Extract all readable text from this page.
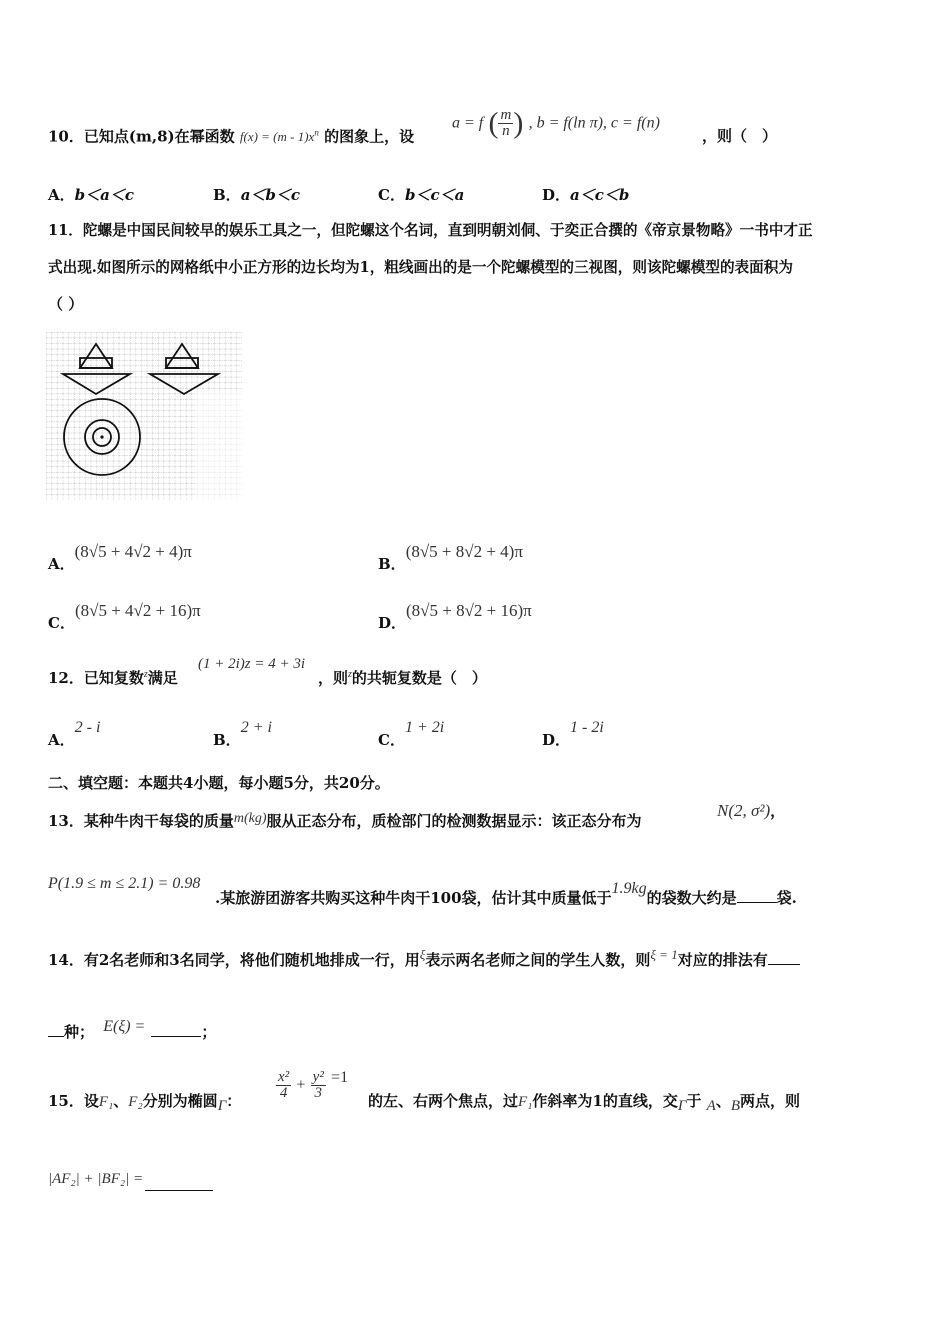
10．已知点(m,8)在幂函数 $f(x) = (m - 1)x^n$ 的图象上，设
a = f ( $\frac{m}{n}$ ) , b = f(ln π), c = f(n)
，则（　）
A．b＜a＜c	B．a＜b＜c	C．b＜c＜a	D．a＜c＜b
11．陀螺是中国民间较早的娱乐工具之一，但陀螺这个名词，直到明朝刘侗、于奕正合撰的《帝京景物略》一书中才正
式出现.如图所示的网格纸中小正方形的边长均为1，粗线画出的是一个陀螺模型的三视图，则该陀螺模型的表面积为
（ ）
A．(8√5 + 4√2 + 4)π
B．(8√5 + 8√2 + 4)π
C．(8√5 + 4√2 + 16)π
D．(8√5 + 8√2 + 16)π
12．已知复数$^z$满足
(1 + 2i)z = 4 + 3i
，则$^z$的共轭复数是（　）
A．2 - i
B．2 + i
C．1 + 2i
D．1 - 2i
二、填空题：本题共4小题，每小题5分，共20分。
13．某种牛肉干每袋的质量m(kg)服从正态分布，质检部门的检测数据显示：该正态分布为
N(2, σ²)，
P(1.9 ≤ m ≤ 2.1) = 0.98
.某旅游团游客共购买这种牛肉干100袋，估计其中质量低于1.9kg的袋数大约是	袋.
14．有2名老师和3名同学，将他们随机地排成一行，用$^\xi$表示两名老师之间的学生人数，则$^{\xi = 1}$对应的排法有
种； E(ξ) =	；
15．设F₁、F₂分别为椭圆$_\Gamma$： $\frac{\text{x²}}{4} + \frac{\text{y²}}{3} =1$
的左、右两个焦点，过F₁作斜率为1的直线，交$_\Gamma$于 $_A$、$_B$两点，则
|AF₂| + |BF₂| =
